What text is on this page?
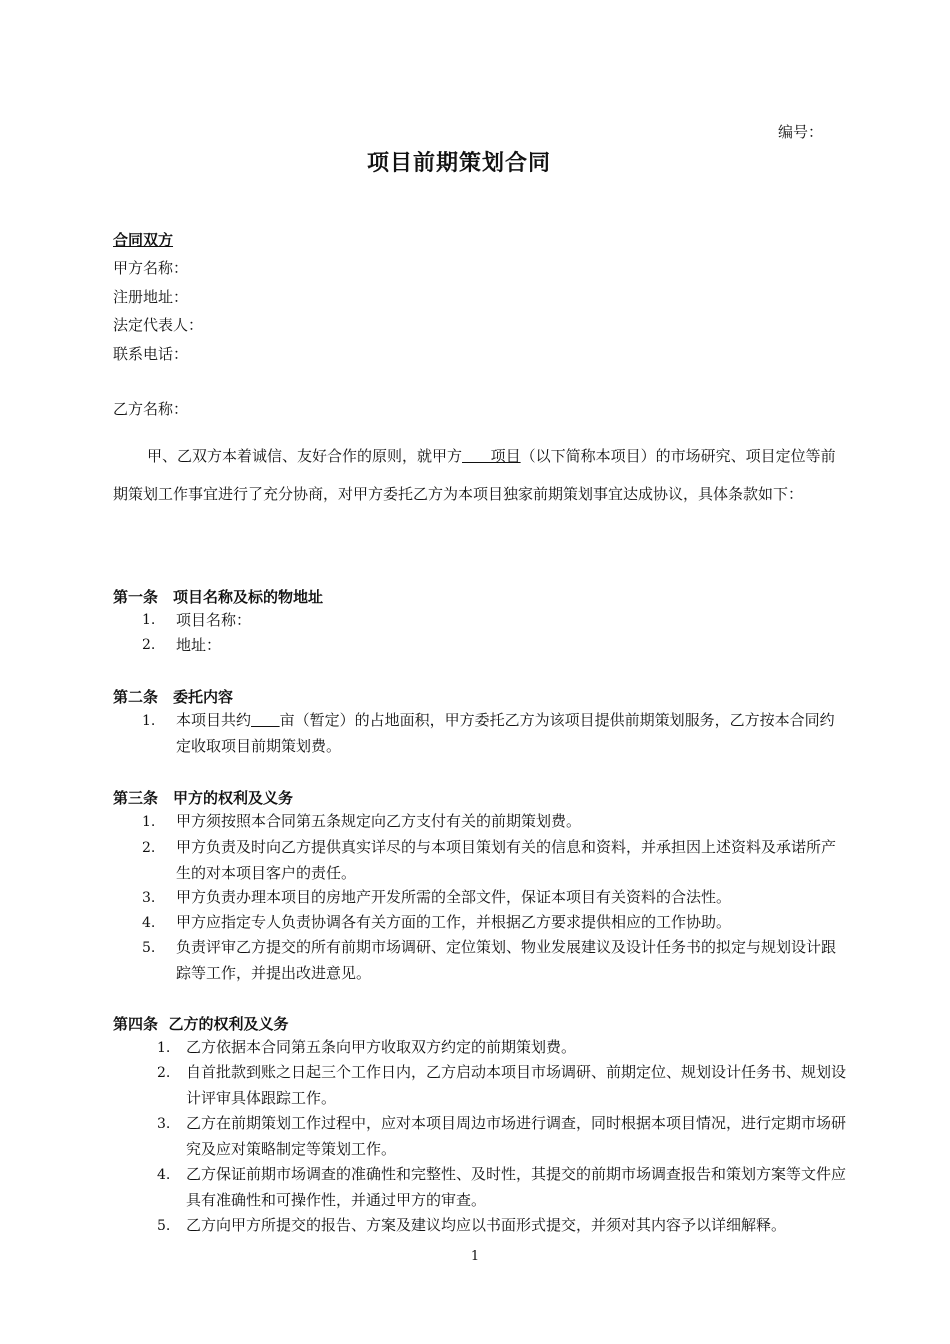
编号：
项目前期策划合同
合同双方
甲方名称：
注册地址：
法定代表人：
联系电话：
乙方名称：
甲、乙双方本着诚信、友好合作的原则，就甲方      项目（以下简称本项目）的市场研究、项目定位等前期策划工作事宜进行了充分协商，对甲方委托乙方为本项目独家前期策划事宜达成协议，具体条款如下：
第一条　项目名称及标的物地址
1. 项目名称：
2. 地址：
第二条　委托内容
1. 本项目共约 亩（暂定）的占地面积，甲方委托乙方为该项目提供前期策划服务，乙方按本合同约定收取项目前期策划费。
第三条　甲方的权利及义务
1. 甲方须按照本合同第五条规定向乙方支付有关的前期策划费。
2. 甲方负责及时向乙方提供真实详尽的与本项目策划有关的信息和资料，并承担因上述资料及承诺所产生的对本项目客户的责任。
3. 甲方负责办理本项目的房地产开发所需的全部文件，保证本项目有关资料的合法性。
4. 甲方应指定专人负责协调各有关方面的工作，并根据乙方要求提供相应的工作协助。
5. 负责评审乙方提交的所有前期市场调研、定位策划、物业发展建议及设计任务书的拟定与规划设计跟踪等工作，并提出改进意见。
第四条  乙方的权利及义务
1. 乙方依据本合同第五条向甲方收取双方约定的前期策划费。
2. 自首批款到账之日起三个工作日内，乙方启动本项目市场调研、前期定位、规划设计任务书、规划设计评审具体跟踪工作。
3. 乙方在前期策划工作过程中，应对本项目周边市场进行调查，同时根据本项目情况，进行定期市场研究及应对策略制定等策划工作。
4. 乙方保证前期市场调查的准确性和完整性、及时性，其提交的前期市场调查报告和策划方案等文件应具有准确性和可操作性，并通过甲方的审查。
5. 乙方向甲方所提交的报告、方案及建议均应以书面形式提交，并须对其内容予以详细解释。
1
